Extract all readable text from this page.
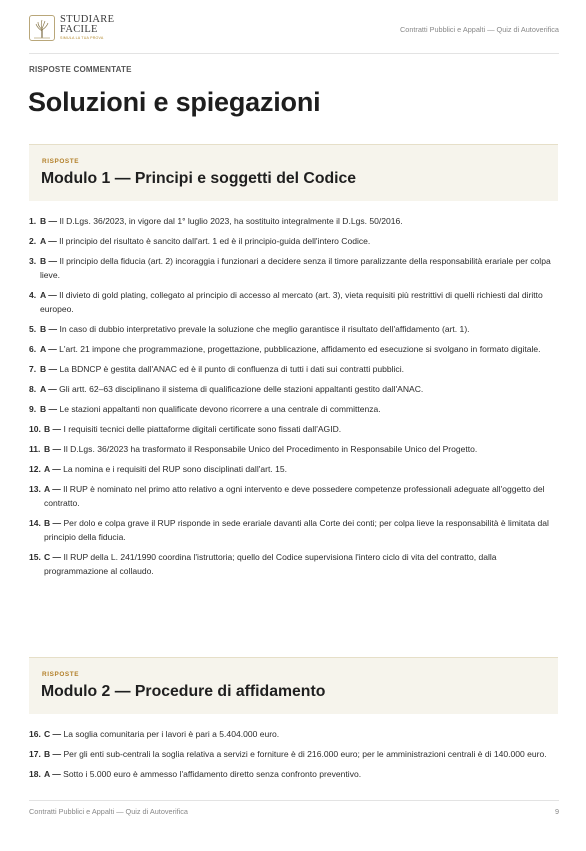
STUDIARE
FACILE
SIMULA LA TUA PROVA
Contratti Pubblici e Appalti — Quiz di Autoverifica
RISPOSTE COMMENTATE
Soluzioni e spiegazioni
RISPOSTE
Modulo 1 — Principi e soggetti del Codice
1. B — Il D.Lgs. 36/2023, in vigore dal 1° luglio 2023, ha sostituito integralmente il D.Lgs. 50/2016.
2. A — Il principio del risultato è sancito dall'art. 1 ed è il principio-guida dell'intero Codice.
3. B — Il principio della fiducia (art. 2) incoraggia i funzionari a decidere senza il timore paralizzante della responsabilità erariale per colpa lieve.
4. A — Il divieto di gold plating, collegato al principio di accesso al mercato (art. 3), vieta requisiti più restrittivi di quelli richiesti dal diritto europeo.
5. B — In caso di dubbio interpretativo prevale la soluzione che meglio garantisce il risultato dell'affidamento (art. 1).
6. A — L'art. 21 impone che programmazione, progettazione, pubblicazione, affidamento ed esecuzione si svolgano in formato digitale.
7. B — La BDNCP è gestita dall'ANAC ed è il punto di confluenza di tutti i dati sui contratti pubblici.
8. A — Gli artt. 62–63 disciplinano il sistema di qualificazione delle stazioni appaltanti gestito dall'ANAC.
9. B — Le stazioni appaltanti non qualificate devono ricorrere a una centrale di committenza.
10. B — I requisiti tecnici delle piattaforme digitali certificate sono fissati dall'AGID.
11. B — Il D.Lgs. 36/2023 ha trasformato il Responsabile Unico del Procedimento in Responsabile Unico del Progetto.
12. A — La nomina e i requisiti del RUP sono disciplinati dall'art. 15.
13. A — Il RUP è nominato nel primo atto relativo a ogni intervento e deve possedere competenze professionali adeguate all'oggetto del contratto.
14. B — Per dolo e colpa grave il RUP risponde in sede erariale davanti alla Corte dei conti; per colpa lieve la responsabilità è limitata dal principio della fiducia.
15. C — Il RUP della L. 241/1990 coordina l'istruttoria; quello del Codice supervisiona l'intero ciclo di vita del contratto, dalla programmazione al collaudo.
RISPOSTE
Modulo 2 — Procedure di affidamento
16. C — La soglia comunitaria per i lavori è pari a 5.404.000 euro.
17. B — Per gli enti sub-centrali la soglia relativa a servizi e forniture è di 216.000 euro; per le amministrazioni centrali è di 140.000 euro.
18. A — Sotto i 5.000 euro è ammesso l'affidamento diretto senza confronto preventivo.
Contratti Pubblici e Appalti — Quiz di Autoverifica	9
